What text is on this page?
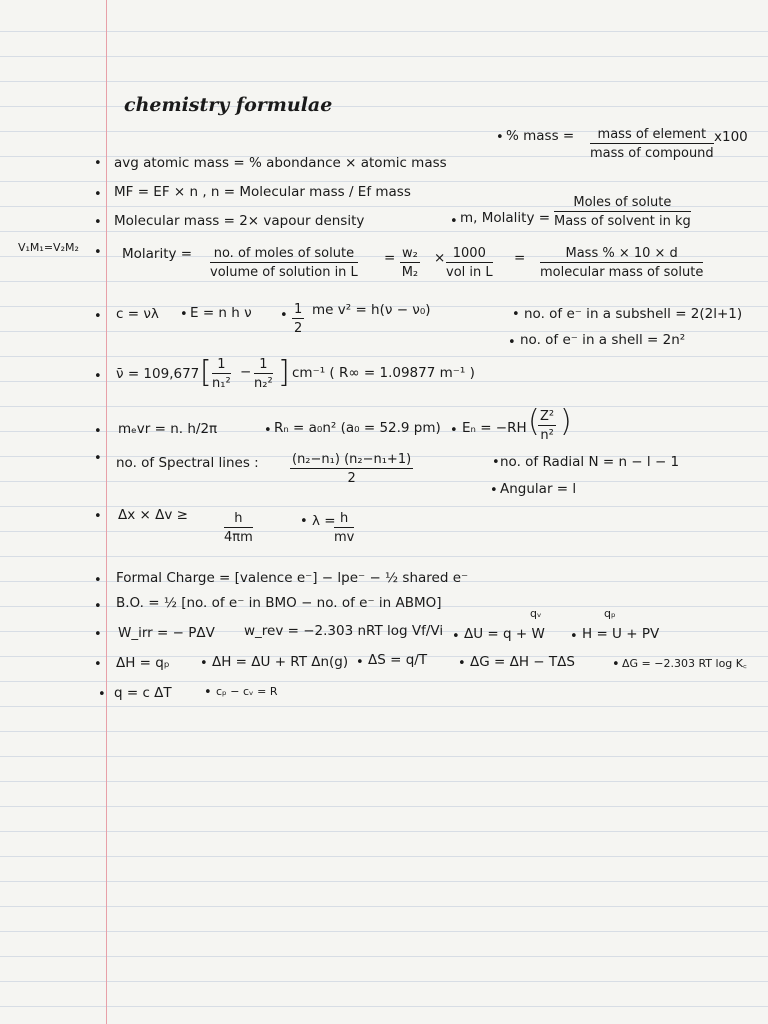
chemistry formulae
• % mass =	mass of element
mass of compound
x100
• avg atomic mass = % abondance × atomic mass
• MF = EF × n , n = Molecular mass / Ef mass
• Molecular mass = 2× vapour density	• m, Molality =
Moles of solute
Mass of solvent in kg
V₁M₁=V₂M₂ • Molarity = no. of moles of solute
volume of solution in L
= $\frac{\text{w₂}}{\text{M₂}} \times 1000$
vol in L
=	Mass % × 10 × d
molecular mass of solute
• c = νλ • E = n h ν • $\frac{1}{2}$ me v² = h(ν − ν₀)	• no. of e⁻ in a subshell = 2(2l+1)
• no. of e⁻ in a shell = 2n²
• ν̄ = 109,677 [ $\frac{1}{\text{n₁²}} - \frac{1}{\text{n₂²}}$ ] cm⁻¹ ( R∞ = 1.09877 m⁻¹ )
• mₑvr = n. h/2π	• Rₙ = a₀n² (a₀ = 52.9 pm) • Eₙ = −RH (
$\frac{\text{Z²}}{\text{n²}}$ )
• no. of Spectral lines : $\frac{\text{(n₂−n₁) (n₂−n₁+1)}}{2}$	• no. of Radial N = n − l − 1
• Angular = l
• Δx × Δv ≥	$\frac{h}{4\pi m}$	• λ =
$\frac{h}{mv}$
• Formal Charge = [valence e⁻] − lpe⁻ − ½ shared e⁻
• B.O. = ½ [no. of e⁻ in BMO − no. of e⁻ in ABMO]
• W_irr = − PΔV w_rev = −2.303 nRT log Vf/Vi
qᵥ
• ΔU = q + W
qₚ
• H = U + PV
• ΔH = qₚ • ΔH = ΔU + RT Δn(g) • ΔS = q/T • ΔG = ΔH − TΔS	• ΔG = −2.303 RT log K꜀
• q = c ΔT • cₚ − cᵥ = R
